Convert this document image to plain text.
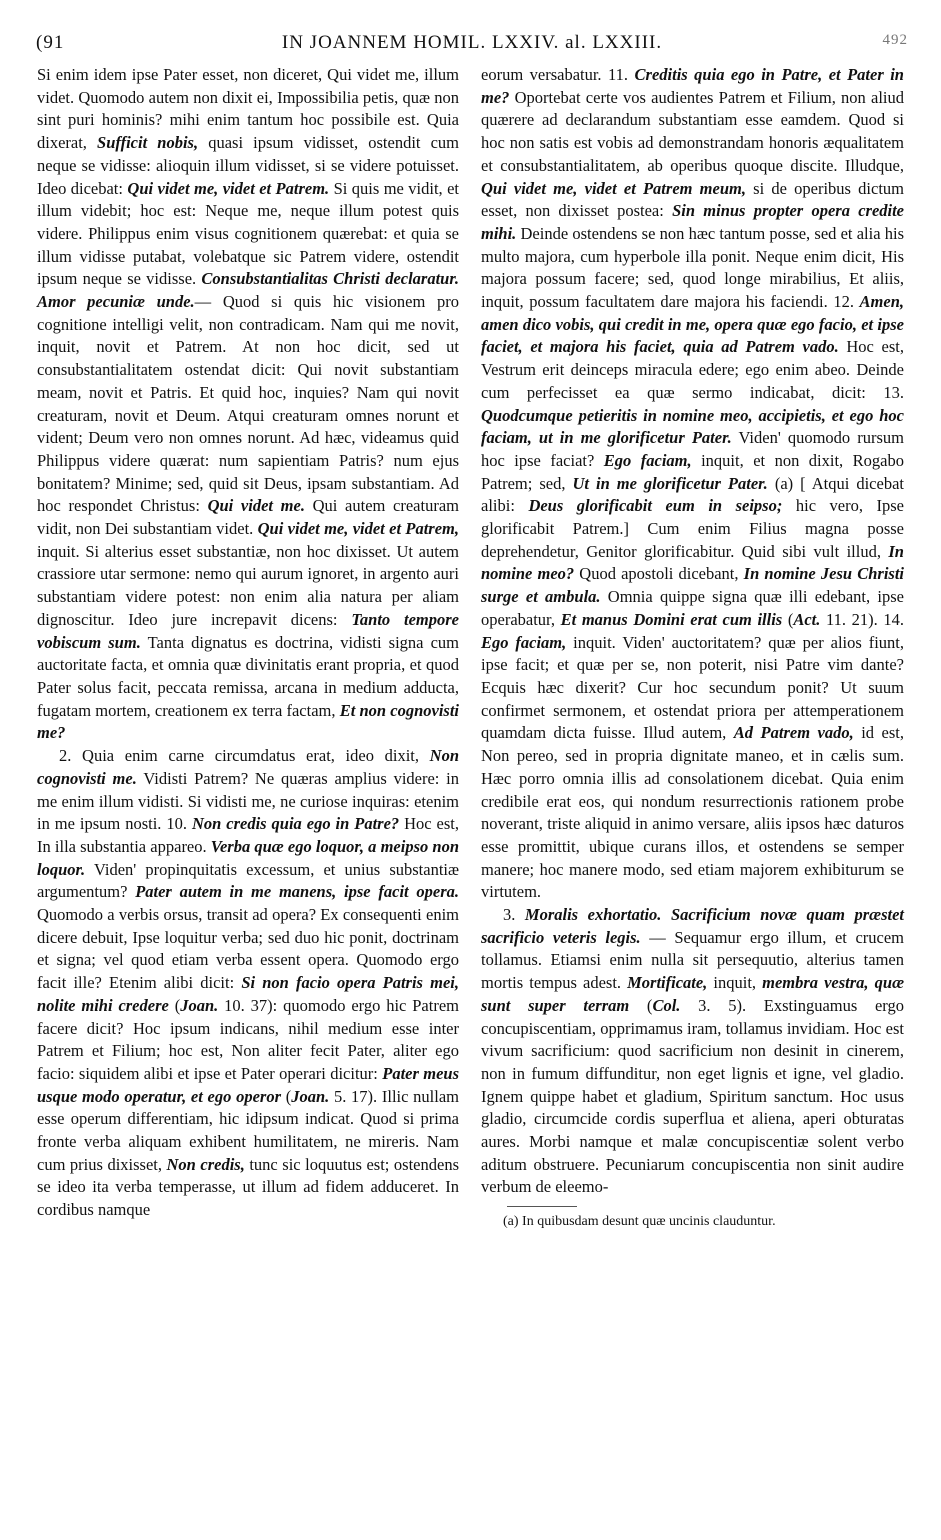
(91	IN JOANNEM HOMIL. LXXIV. al. LXXIII.	492

Si enim idem ipse Pater esset, non diceret, Qui videt me, illum videt. Quomodo autem non dixit ei, Impossibilia petis, quæ non sint puri hominis? mihi enim tantum hoc possibile est. Quia dixerat, Sufficit nobis, quasi ipsum vidisset, ostendit cum neque se vidisse: alioquin illum vidisset, si se videre potuisset. Ideo dicebat: Qui videt me, videt et Patrem. Si quis me vidit, et illum videbit; hoc est: Neque me, neque illum potest quis videre. Philippus enim visus cognitionem quærebat: et quia se illum vidisse putabat, volebatque sic Patrem videre, ostendit ipsum neque se vidisse. Consubstantialitas Christi declaratur. Amor pecuniæ unde.— Quod si quis hic visionem pro cognitione intelligi velit, non contradicam. Nam qui me novit, inquit, novit et Patrem. At non hoc dicit, sed ut consubstantialitatem ostendat dicit: Qui novit substantiam meam, novit et Patris. Et quid hoc, inquies? Nam qui novit creaturam, novit et Deum. Atqui creaturam omnes norunt et vident; Deum vero non omnes norunt. Ad hæc, videamus quid Philippus videre quærat: num sapientiam Patris? num ejus bonitatem? Minime; sed, quid sit Deus, ipsam substantiam. Ad hoc respondet Christus: Qui videt me. Qui autem creaturam vidit, non Dei substantiam videt. Qui videt me, videt et Patrem, inquit. Si alterius esset substantiæ, non hoc dixisset. Ut autem crassiore utar sermone: nemo qui aurum ignoret, in argento auri substantiam videre potest: non enim alia natura per aliam dignoscitur. Ideo jure increpavit dicens: Tanto tempore vobiscum sum. Tanta dignatus es doctrina, vidisti signa cum auctoritate facta, et omnia quæ divinitatis erant propria, et quod Pater solus facit, peccata remissa, arcana in medium adducta, fugatam mortem, creationem ex terra factam, Et non cognovisti me?

2. Quia enim carne circumdatus erat, ideo dixit, Non cognovisti me. Vidisti Patrem? Ne quæras amplius videre: in me enim illum vidisti. Si vidisti me, ne curiose inquiras: etenim in me ipsum nosti. 10. Non credis quia ego in Patre? Hoc est, In illa substantia appareo. Verba quæ ego loquor, a meipso non loquor. Viden' propinquitatis excessum, et unius substantiæ argumentum? Pater autem in me manens, ipse facit opera. Quomodo a verbis orsus, transit ad opera? Ex consequenti enim dicere debuit, Ipse loquitur verba; sed duo hic ponit, doctrinam et signa; vel quod etiam verba essent opera. Quomodo ergo facit ille? Etenim alibi dicit: Si non facio opera Patris mei, nolite mihi credere (Joan. 10. 37): quomodo ergo hic Patrem facere dicit? Hoc ipsum indicans, nihil medium esse inter Patrem et Filium; hoc est, Non aliter fecit Pater, aliter ego facio: siquidem alibi et ipse et Pater operari dicitur: Pater meus usque modo operatur, et ego operor (Joan. 5. 17). Illic nullam esse operum differentiam, hic idipsum indicat. Quod si prima fronte verba aliquam exhibent humilitatem, ne mireris. Nam cum prius dixisset, Non credis, tunc sic loquutus est; ostendens se ideo ita verba temperasse, ut illum ad fidem adduceret. In cordibus namque

eorum versabatur. 11. Creditis quia ego in Patre, et Pater in me? Oportebat certe vos audientes Patrem et Filium, non aliud quærere ad declarandum substantiam esse eamdem. Quod si hoc non satis est vobis ad demonstrandam honoris æqualitatem et consubstantialitatem, ab operibus quoque discite. Illudque, Qui videt me, videt et Patrem meum, si de operibus dictum esset, non dixisset postea: Sin minus propter opera credite mihi. Deinde ostendens se non hæc tantum posse, sed et alia his multo majora, cum hyperbole illa ponit. Neque enim dicit, His majora possum facere; sed, quod longe mirabilius, Et aliis, inquit, possum facultatem dare majora his faciendi. 12. Amen, amen dico vobis, qui credit in me, opera quæ ego facio, et ipse faciet, et majora his faciet, quia ad Patrem vado. Hoc est, Vestrum erit deinceps miracula edere; ego enim abeo. Deinde cum perfecisset ea quæ sermo indicabat, dicit: 13. Quodcumque petieritis in nomine meo, accipietis, et ego hoc faciam, ut in me glorificetur Pater. Viden' quomodo rursum hoc ipse faciat? Ego faciam, inquit, et non dixit, Rogabo Patrem; sed, Ut in me glorificetur Pater. (a) [ Atqui dicebat alibi: Deus glorificabit eum in seipso; hic vero, Ipse glorificabit Patrem.] Cum enim Filius magna posse deprehendetur, Genitor glorificabitur. Quid sibi vult illud, In nomine meo? Quod apostoli dicebant, In nomine Jesu Christi surge et ambula. Omnia quippe signa quæ illi edebant, ipse operabatur, Et manus Domini erat cum illis (Act. 11. 21). 14. Ego faciam, inquit. Viden' auctoritatem? quæ per alios fiunt, ipse facit; et quæ per se, non poterit, nisi Patre vim dante? Ecquis hæc dixerit? Cur hoc secundum ponit? Ut suum confirmet sermonem, et ostendat priora per attemperationem quamdam dicta fuisse. Illud autem, Ad Patrem vado, id est, Non pereo, sed in propria dignitate maneo, et in cælis sum. Hæc porro omnia illis ad consolationem dicebat. Quia enim credibile erat eos, qui nondum resurrectionis rationem probe noverant, triste aliquid in animo versare, aliis ipsos hæc daturos esse promittit, ubique curans illos, et ostendens se semper manere; hoc manere modo, sed etiam majorem exhibiturum se virtutem.

3. Moralis exhortatio. Sacrificium novæ quam præstet sacrificio veteris legis. — Sequamur ergo illum, et crucem tollamus. Etiamsi enim nulla sit persequutio, alterius tamen mortis tempus adest. Mortificate, inquit, membra vestra, quæ sunt super terram (Col. 3. 5). Exstinguamus ergo concupiscentiam, opprimamus iram, tollamus invidiam. Hoc est vivum sacrificium: quod sacrificium non desinit in cinerem, non in fumum diffunditur, non eget lignis et igne, vel gladio. Ignem quippe habet et gladium, Spiritum sanctum. Hoc usus gladio, circumcide cordis superflua et aliena, aperi obturatas aures. Morbi namque et malæ concupiscentiæ solent verbo aditum obstruere. Pecuniarum concupiscentia non sinit audire verbum de eleemo-

(a) In quibusdam desunt quæ uncinis clauduntur.
